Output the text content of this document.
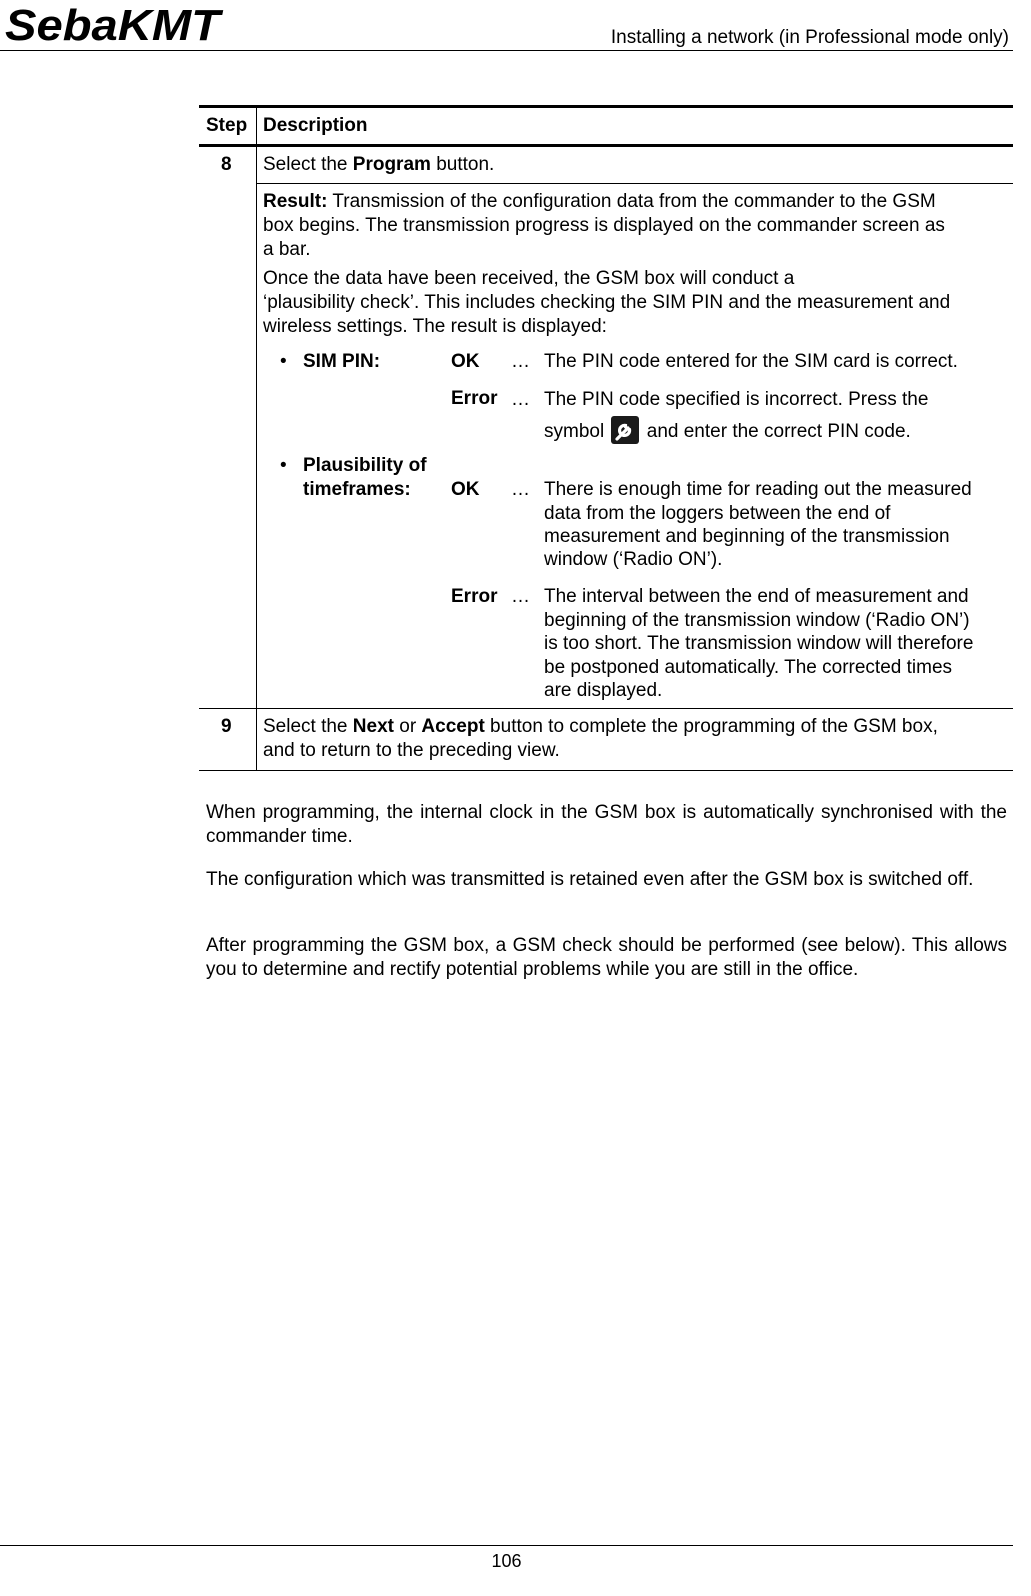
SebaKMT	Installing a network (in Professional mode only)
Step Description
8 Select the Program button.
Result: Transmission of the configuration data from the commander to the GSM
box begins. The transmission progress is displayed on the commander screen as
a bar.
Once the data have been received, the GSM box will conduct a
‘plausibility check’. This includes checking the SIM PIN and the measurement and
wireless settings. The result is displayed:
• SIM PIN:	OK … The PIN code entered for the SIM card is correct.
Error … The PIN code specified is incorrect. Press the
symbol and enter the correct PIN code.
• Plausibility of
timeframes: OK … There is enough time for reading out the measured
data from the loggers between the end of
measurement and beginning of the transmission
window (‘Radio ON’).
Error … The interval between the end of measurement and
beginning of the transmission window (‘Radio ON’)
is too short. The transmission window will therefore
be postponed automatically. The corrected times
are displayed.
9 Select the Next or Accept button to complete the programming of the GSM box,
and to return to the preceding view.
When programming, the internal clock in the GSM box is automatically synchronised with the commander time.
The configuration which was transmitted is retained even after the GSM box is switched off.
After programming the GSM box, a GSM check should be performed (see below). This allows you to determine and rectify potential problems while you are still in the office.
106
